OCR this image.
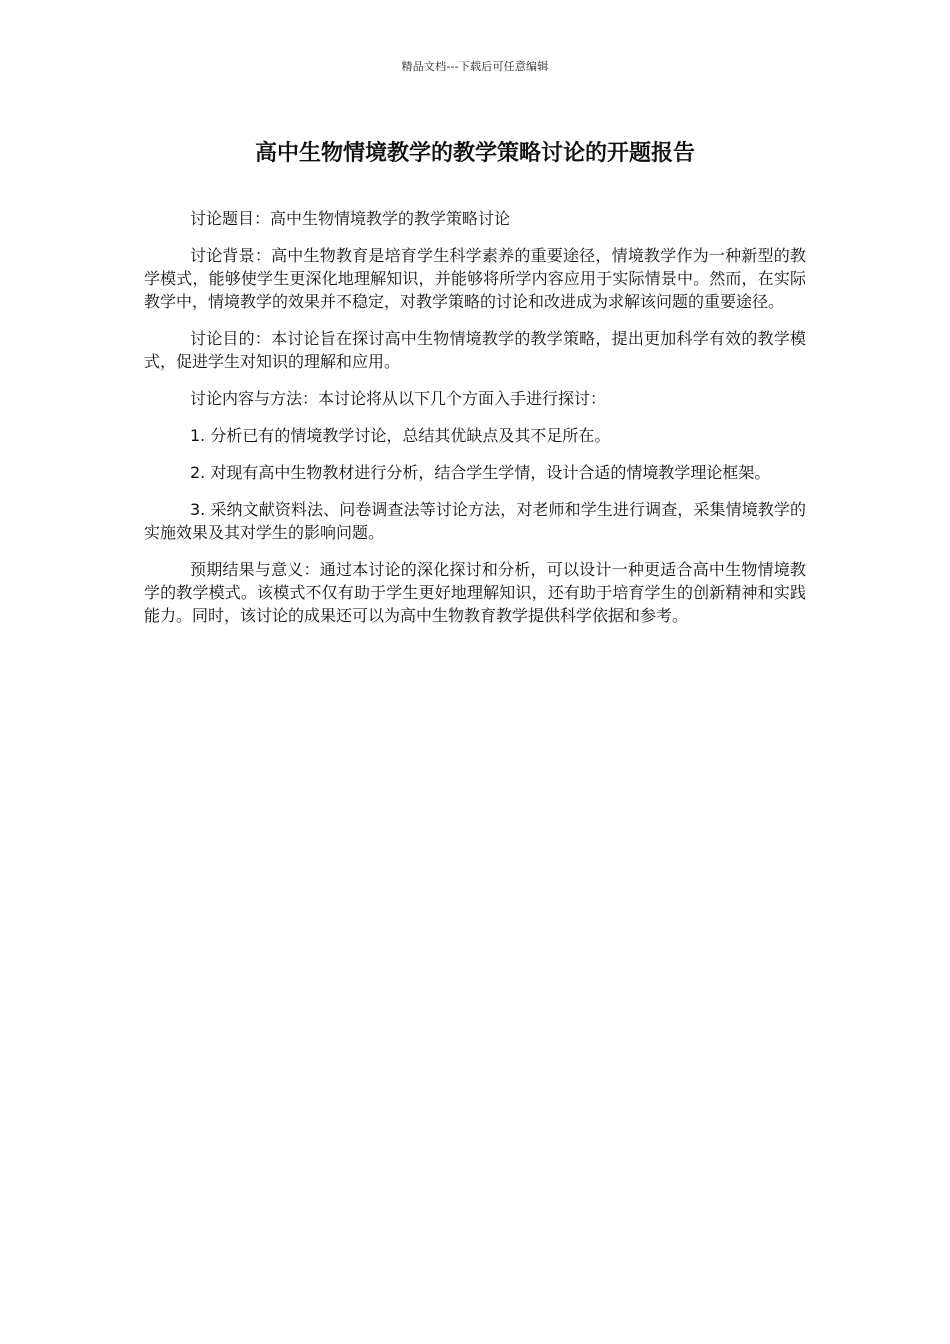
精品文档---下载后可任意编辑
高中生物情境教学的教学策略讨论的开题报告

讨论题目：高中生物情境教学的教学策略讨论

讨论背景：高中生物教育是培育学生科学素养的重要途径，情境教学作为一种新型的教学模式，能够使学生更深化地理解知识，并能够将所学内容应用于实际情景中。然而，在实际教学中，情境教学的效果并不稳定，对教学策略的讨论和改进成为求解该问题的重要途径。

讨论目的：本讨论旨在探讨高中生物情境教学的教学策略，提出更加科学有效的教学模式，促进学生对知识的理解和应用。

讨论内容与方法：本讨论将从以下几个方面入手进行探讨：

1. 分析已有的情境教学讨论，总结其优缺点及其不足所在。

2. 对现有高中生物教材进行分析，结合学生学情，设计合适的情境教学理论框架。

3. 采纳文献资料法、问卷调查法等讨论方法，对老师和学生进行调查，采集情境教学的实施效果及其对学生的影响问题。

预期结果与意义：通过本讨论的深化探讨和分析，可以设计一种更适合高中生物情境教学的教学模式。该模式不仅有助于学生更好地理解知识，还有助于培育学生的创新精神和实践能力。同时，该讨论的成果还可以为高中生物教育教学提供科学依据和参考。
